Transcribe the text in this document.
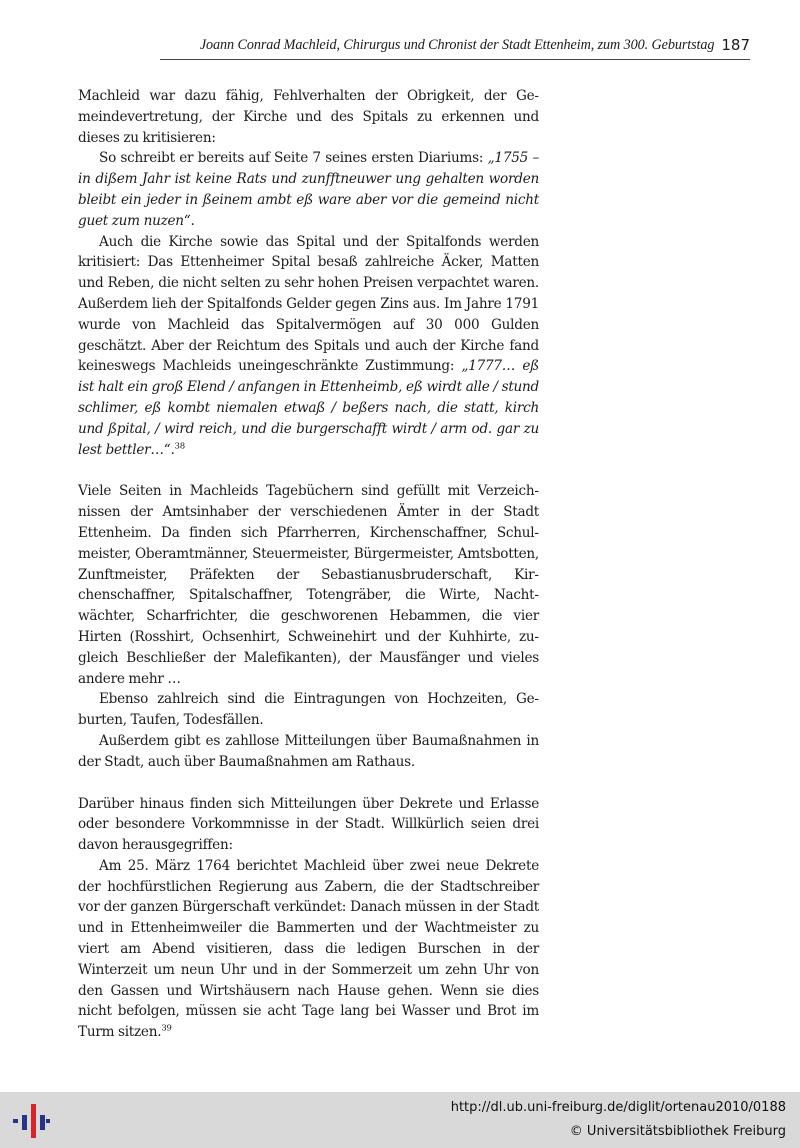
Joann Conrad Machleid, Chirurgus und Chronist der Stadt Ettenheim, zum 300. Geburtstag 187

Machleid war dazu fähig, Fehlverhalten der Obrigkeit, der Gemeindevertretung, der Kirche und des Spitals zu erkennen und dieses zu kritisieren:

So schreibt er bereits auf Seite 7 seines ersten Diariums: „1755 – in dißem Jahr ist keine Rats und zunfftneuwer ung gehalten worden bleibt ein jeder in ßeinem ambt eß ware aber vor die gemeind nicht guet zum nuzen“.

Auch die Kirche sowie das Spital und der Spitalfonds werden kritisiert: Das Ettenheimer Spital besaß zahlreiche Äcker, Matten und Reben, die nicht selten zu sehr hohen Preisen verpachtet waren. Außerdem lieh der Spitalfonds Gelder gegen Zins aus. Im Jahre 1791 wurde von Machleid das Spitalvermögen auf 30 000 Gulden geschätzt. Aber der Reichtum des Spitals und auch der Kirche fand keineswegs Machleids uneingeschränkte Zustimmung: „1777… eß ist halt ein groß Elend / anfangen in Ettenheimb, eß wirdt alle / stund schlimer, eß kombt niemalen etwaß / beßers nach, die statt, kirch und ßpital, / wird reich, und die burgerschafft wirdt / arm od. gar zu lest bettler…“.$^{38}$

Viele Seiten in Machleids Tagebüchern sind gefüllt mit Verzeichnissen der Amtsinhaber der verschiedenen Ämter in der Stadt Ettenheim. Da finden sich Pfarrherren, Kirchenschaffner, Schulmeister, Oberamtmänner, Steuermeister, Bürgermeister, Amtsbotten, Zunftmeister, Präfekten der Sebastianusbruderschaft, Kirchenschaffner, Spitalschaffner, Totengräber, die Wirte, Nachtwächter, Scharfrichter, die geschworenen Hebammen, die vier Hirten (Rosshirt, Ochsenhirt, Schweinehirt und der Kuhhirte, zugleich Beschließer der Malefikanten), der Mausfänger und vieles andere mehr …

Ebenso zahlreich sind die Eintragungen von Hochzeiten, Geburten, Taufen, Todesfällen.

Außerdem gibt es zahllose Mitteilungen über Baumaßnahmen in der Stadt, auch über Baumaßnahmen am Rathaus.

Darüber hinaus finden sich Mitteilungen über Dekrete und Erlasse oder besondere Vorkommnisse in der Stadt. Willkürlich seien drei davon herausgegriffen:

Am 25. März 1764 berichtet Machleid über zwei neue Dekrete der hochfürstlichen Regierung aus Zabern, die der Stadtschreiber vor der ganzen Bürgerschaft verkündet: Danach müssen in der Stadt und in Ettenheimweiler die Bammerten und der Wachtmeister zu viert am Abend visitieren, dass die ledigen Burschen in der Winterzeit um neun Uhr und in der Sommerzeit um zehn Uhr von den Gassen und Wirtshäusern nach Hause gehen. Wenn sie dies nicht befolgen, müssen sie acht Tage lang bei Wasser und Brot im Turm sitzen.$^{39}$

http://dl.ub.uni-freiburg.de/diglit/ortenau2010/0188
© Universitätsbibliothek Freiburg
